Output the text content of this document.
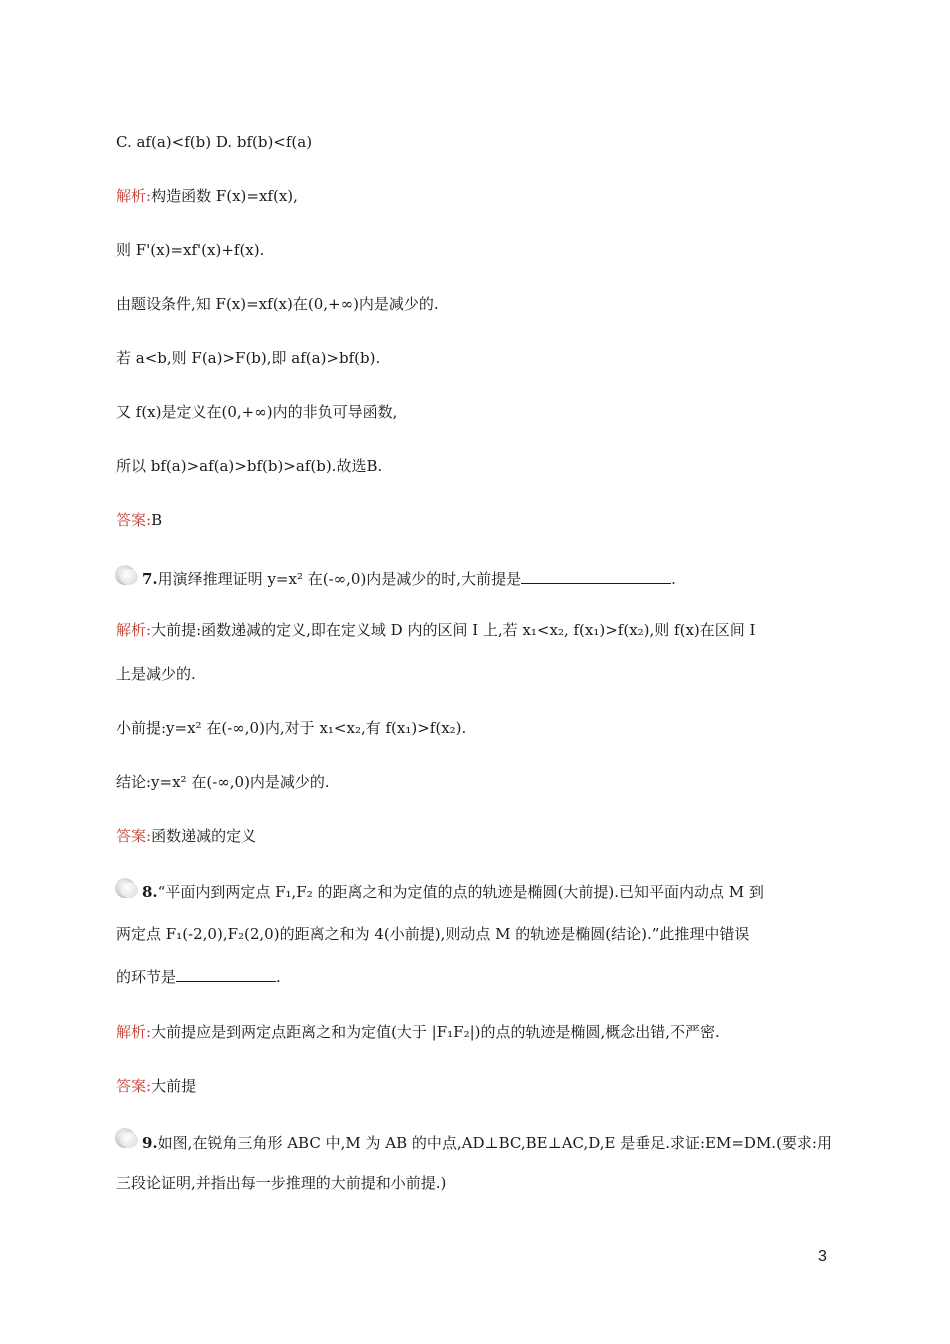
C. af(a)<f(b) D. bf(b)<f(a)
解析:构造函数 F(x)=xf(x),
则 F'(x)=xf'(x)+f(x).
由题设条件,知 F(x)=xf(x)在(0,+∞)内是减少的.
若 a<b,则 F(a)>F(b),即 af(a)>bf(b).
又 f(x)是定义在(0,+∞)内的非负可导函数,
所以 bf(a)>af(a)>bf(b)>af(b).故选B.
答案:B
7.用演绎推理证明 y=x² 在(-∞,0)内是减少的时,大前提是	.
解析:大前提:函数递减的定义,即在定义域 D 内的区间 I 上,若 x₁<x₂, f(x₁)>f(x₂),则 f(x)在区间 I
上是减少的.
小前提:y=x² 在(-∞,0)内,对于 x₁<x₂,有 f(x₁)>f(x₂).
结论:y=x² 在(-∞,0)内是减少的.
答案:函数递减的定义
8.“平面内到两定点 F₁,F₂ 的距离之和为定值的点的轨迹是椭圆(大前提).已知平面内动点 M 到
两定点 F₁(-2,0),F₂(2,0)的距离之和为 4(小前提),则动点 M 的轨迹是椭圆(结论).”此推理中错误
的环节是	.
解析:大前提应是到两定点距离之和为定值(大于 |F₁F₂|)的点的轨迹是椭圆,概念出错,不严密.
答案:大前提
9.如图,在锐角三角形 ABC 中,M 为 AB 的中点,AD⊥BC,BE⊥AC,D,E 是垂足.求证:EM=DM.(要求:用
三段论证明,并指出每一步推理的大前提和小前提.)
3
